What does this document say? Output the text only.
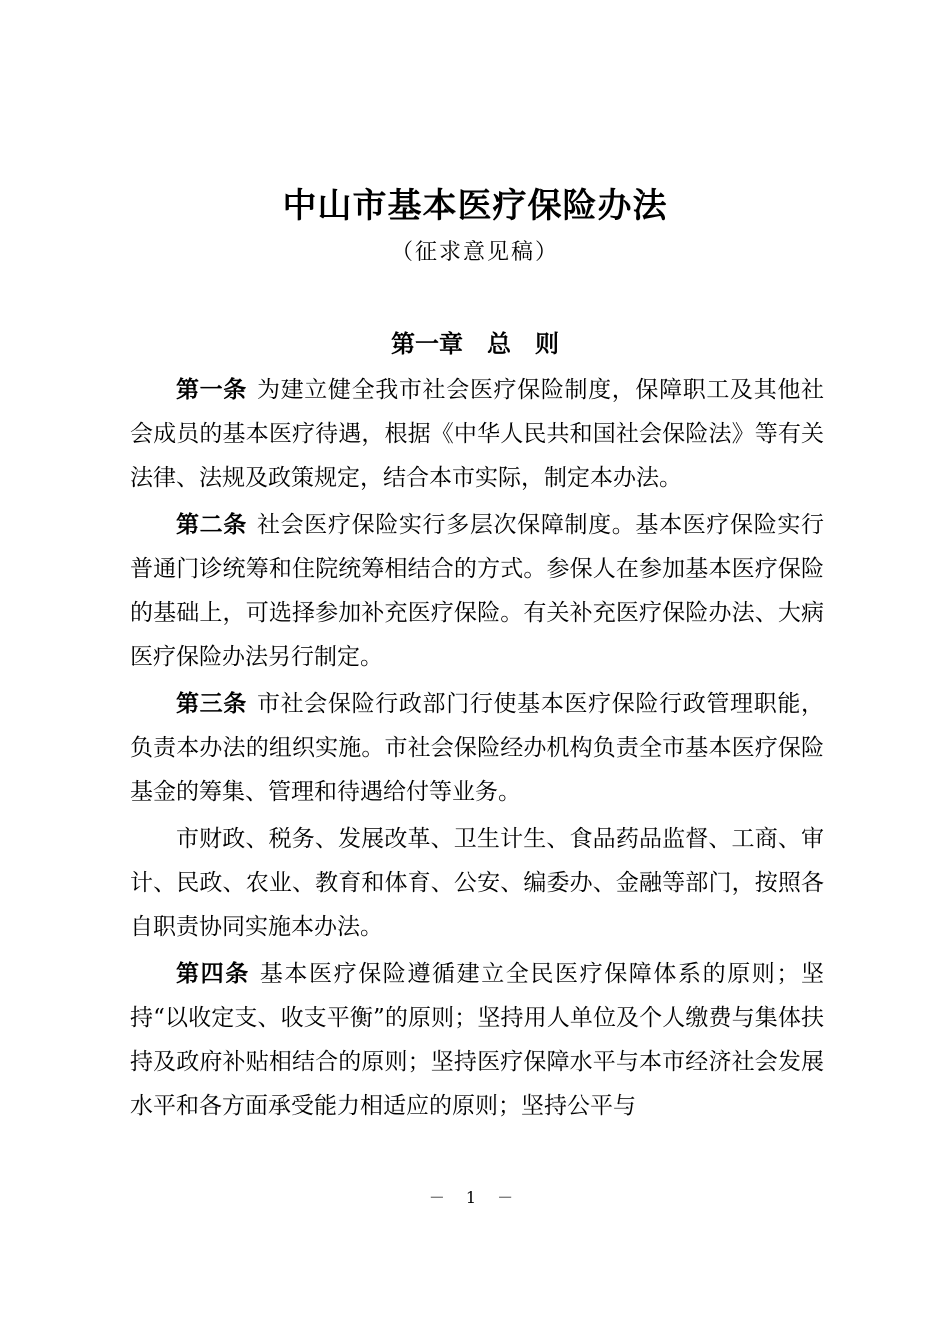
中山市基本医疗保险办法
（征求意见稿）
第一章　总　则

第一条 为建立健全我市社会医疗保险制度，保障职工及其他社会成员的基本医疗待遇，根据《中华人民共和国社会保险法》等有关法律、法规及政策规定，结合本市实际，制定本办法。

第二条 社会医疗保险实行多层次保障制度。基本医疗保险实行普通门诊统筹和住院统筹相结合的方式。参保人在参加基本医疗保险的基础上，可选择参加补充医疗保险。有关补充医疗保险办法、大病医疗保险办法另行制定。

第三条 市社会保险行政部门行使基本医疗保险行政管理职能，负责本办法的组织实施。市社会保险经办机构负责全市基本医疗保险基金的筹集、管理和待遇给付等业务。

市财政、税务、发展改革、卫生计生、食品药品监督、工商、审计、民政、农业、教育和体育、公安、编委办、金融等部门，按照各自职责协同实施本办法。

第四条 基本医疗保险遵循建立全民医疗保障体系的原则；坚持“以收定支、收支平衡”的原则；坚持用人单位及个人缴费与集体扶持及政府补贴相结合的原则；坚持医疗保障水平与本市经济社会发展水平和各方面承受能力相适应的原则；坚持公平与

－ 1 －
